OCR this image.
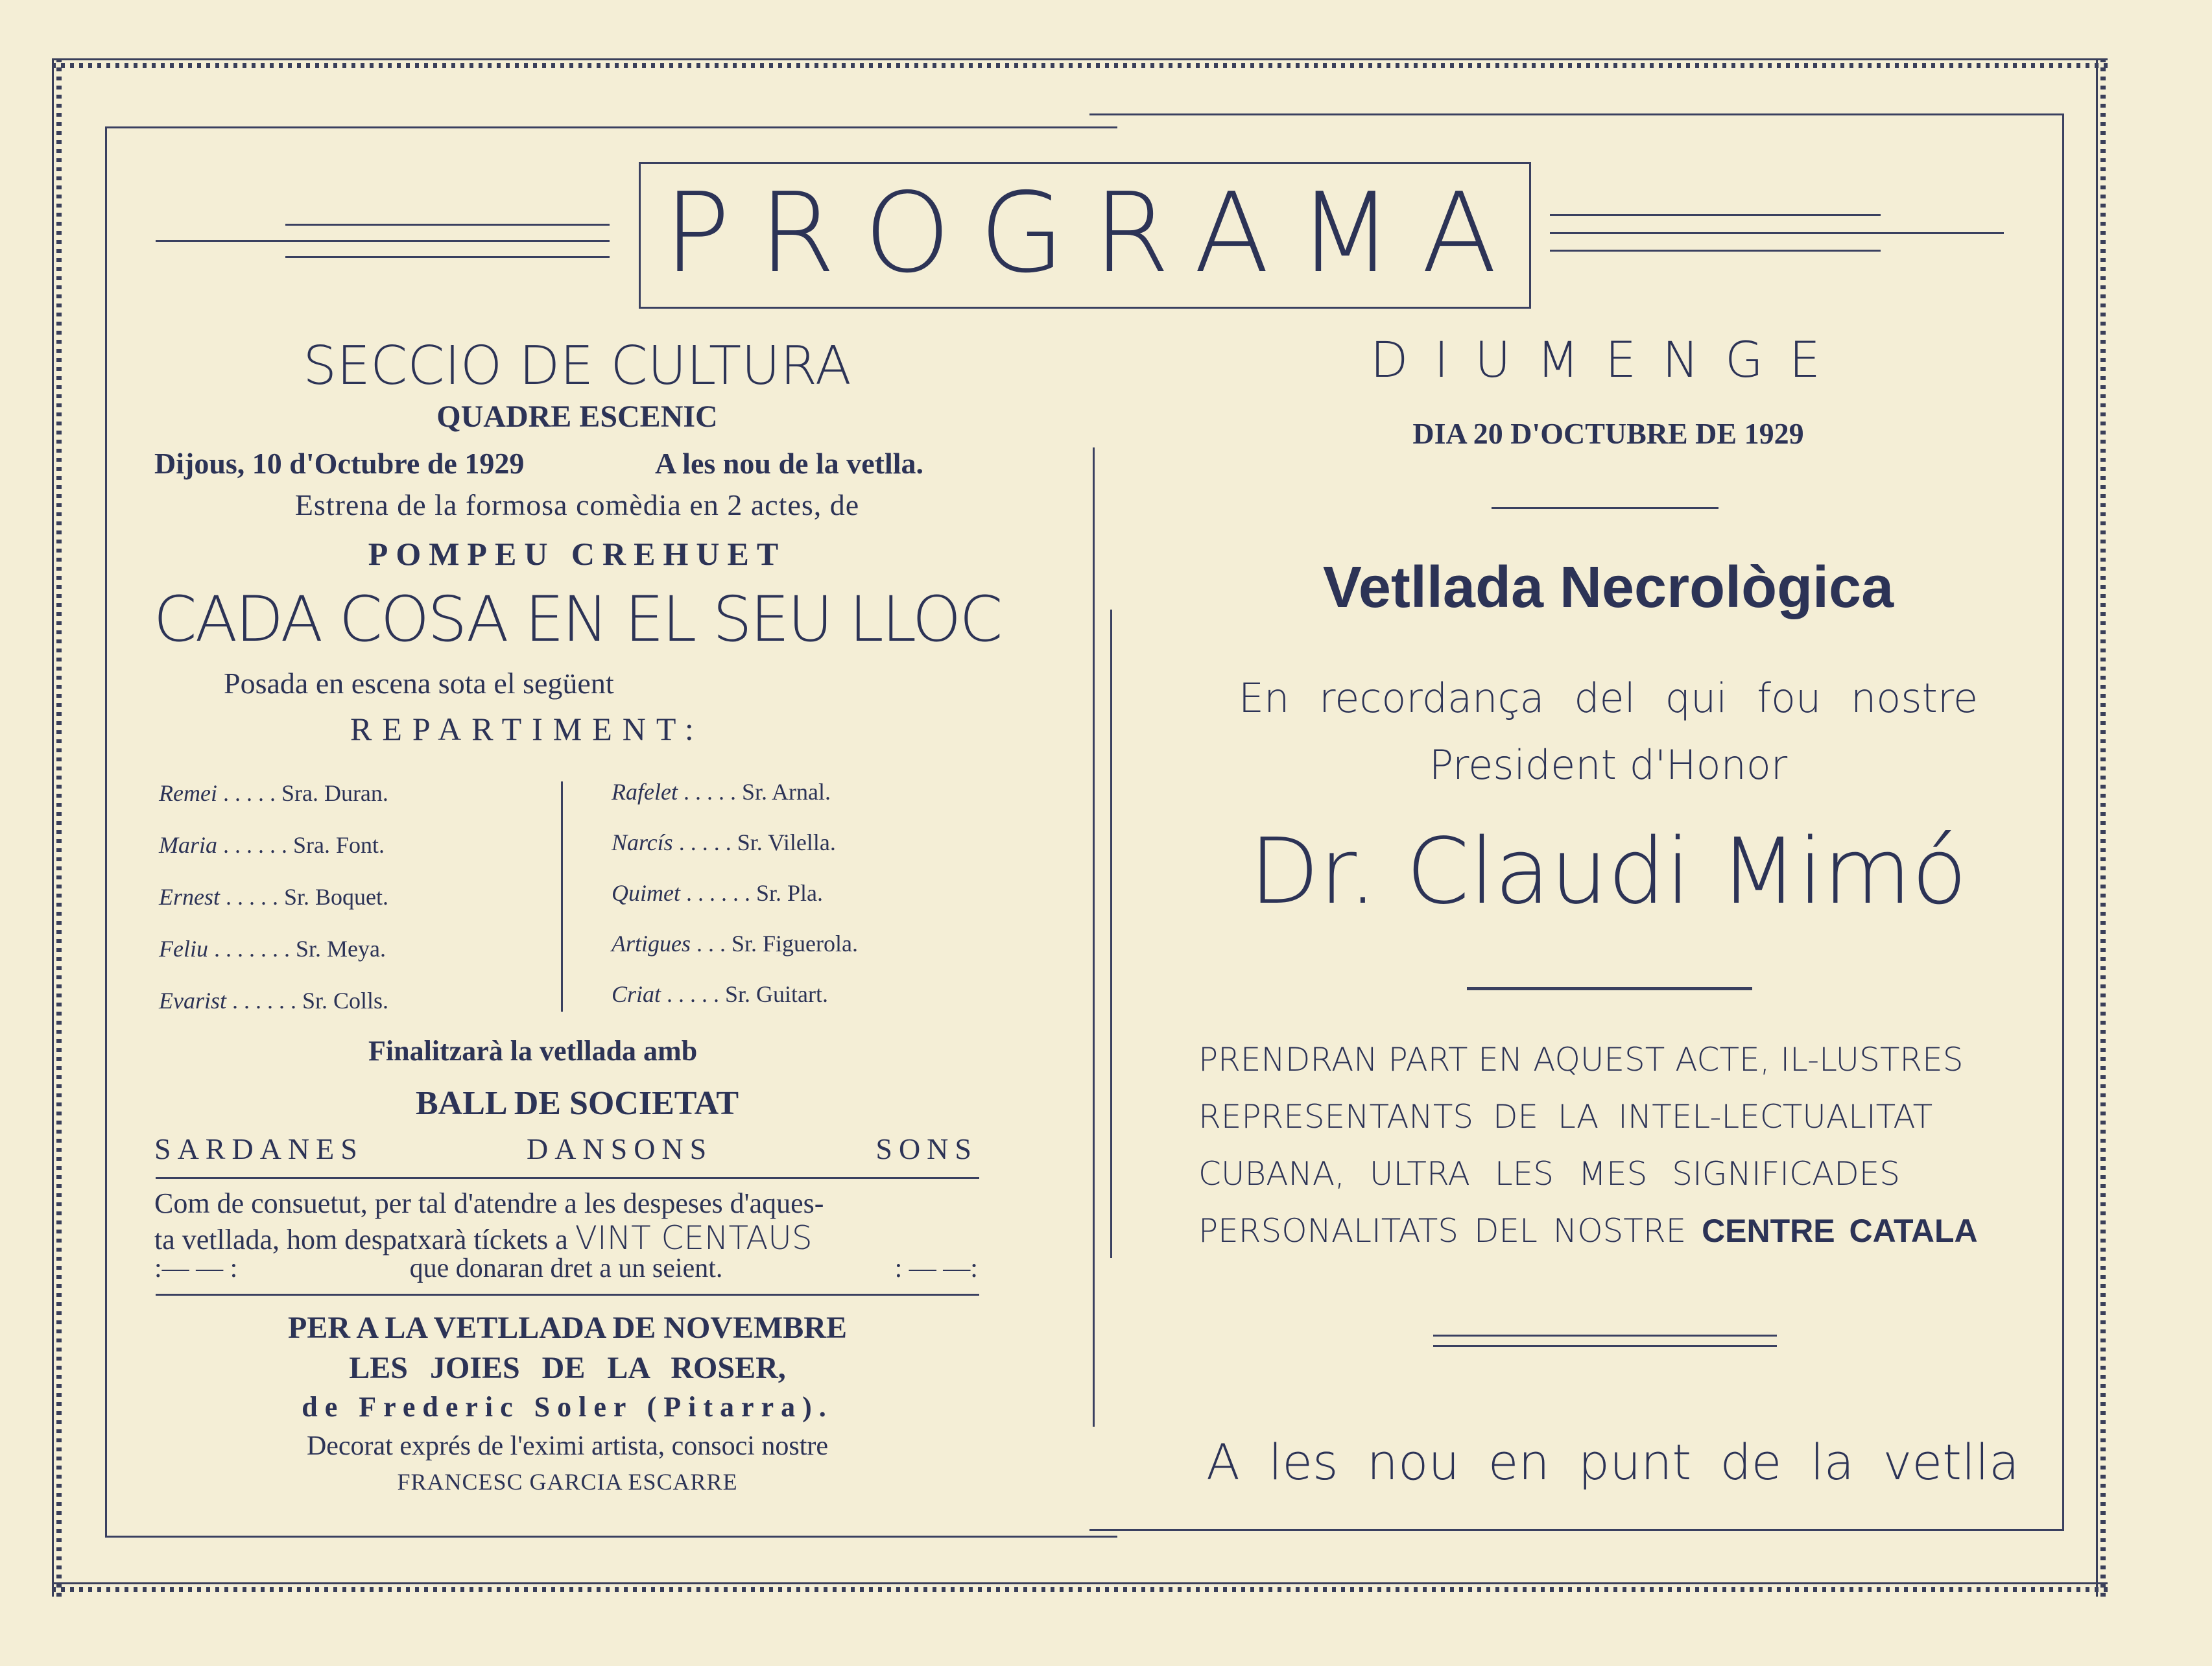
PROGRAMA
SECCIO DE CULTURA
QUADRE ESCENIC
Dijous, 10 d'Octubre de 1929	A les nou de la vetlla.
Estrena de la formosa comèdia en 2 actes, de
POMPEU CREHUET
CADA COSA EN EL SEU LLOC
Posada en escena sota el següent
REPARTIMENT:
Remei . . . . . Sra. Duran.
Maria . . . . . . Sra. Font.
Ernest . . . . . Sr. Boquet.
Feliu . . . . . . . Sr. Meya.
Evarist . . . . . . Sr. Colls.
Rafelet . . . . . Sr. Arnal.
Narcís . . . . . Sr. Vilella.
Quimet . . . . . . Sr. Pla.
Artigues . . . Sr. Figuerola.
Criat . . . . . Sr. Guitart.
Finalitzarà la vetllada amb
BALL DE SOCIETAT
SARDANES	DANSONS	SONS
Com de consuetut, per tal d'atendre a les despeses d'aques-
ta vetllada, hom despatxarà tíckets a VINT CENTAUS
:— — :	que donaran dret a un seient.	: — —:
PER A LA VETLLADA DE NOVEMBRE
LES JOIES DE LA ROSER,
de Frederic Soler (Pitarra).
Decorat exprés de l'eximi artista, consoci nostre
FRANCESC GARCIA ESCARRE
DIUMENGE
DIA 20 D'OCTUBRE DE 1929
Vetllada Necrològica
En recordança del qui fou nostre
President d'Honor
Dr. Claudi Mimó
PRENDRAN PART EN AQUEST ACTE, IL-LUSTRES
REPRESENTANTS DE LA INTEL-LECTUALITAT
CUBANA, ULTRA LES MES SIGNIFICADES
PERSONALITATS DEL NOSTRE CENTRE CATALA
A les nou en punt de la vetlla
